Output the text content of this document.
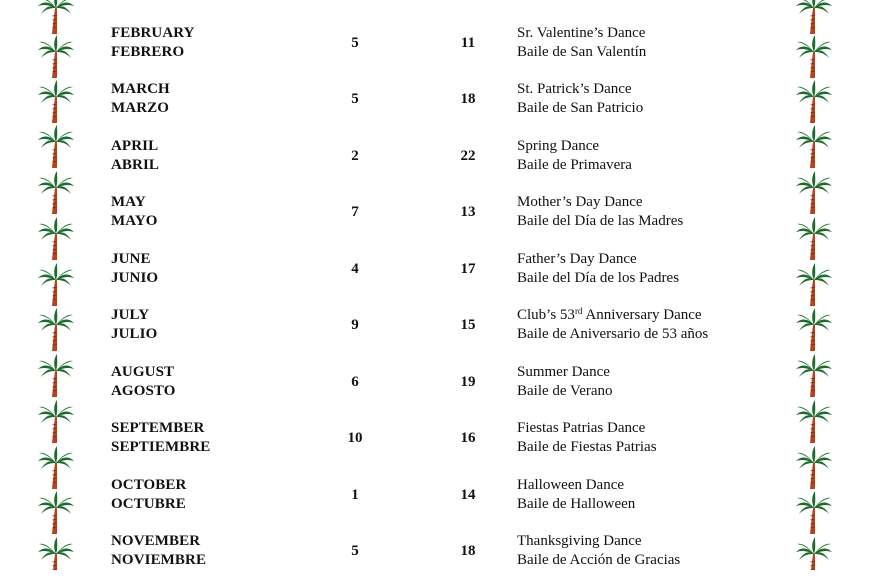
FEBRUARY
FEBRERO
5	11
Sr. Valentine’s Dance
Baile de San Valentín
MARCH
MARZO
5	18
St. Patrick’s Dance
Baile de San Patricio
APRIL
ABRIL
2	22
Spring Dance
Baile de Primavera
MAY
MAYO
7	13
Mother’s Day Dance
Baile del Día de las Madres
JUNE
JUNIO
4	17
Father’s Day Dance
Baile del Día de los Padres
JULY
JULIO
9	15
Club’s 53rd Anniversary Dance
Baile de Aniversario de 53 años
AUGUST
AGOSTO
6	19
Summer Dance
Baile de Verano
SEPTEMBER
SEPTIEMBRE
10	16
Fiestas Patrias Dance
Baile de Fiestas Patrias
OCTOBER
OCTUBRE
1	14
Halloween Dance
Baile de Halloween
NOVEMBER
NOVIEMBRE
5	18
Thanksgiving Dance
Baile de Acción de Gracias
